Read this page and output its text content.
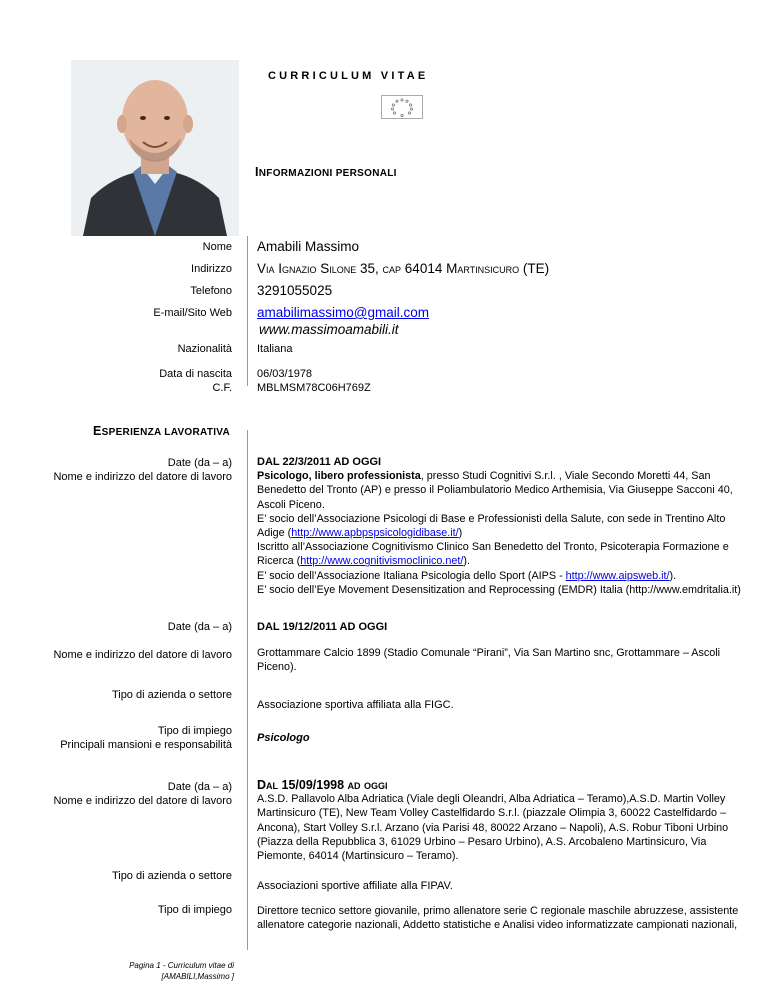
CURRICULUM VITAE
INFORMAZIONI PERSONALI
Nome Amabili Massimo
Indirizzo Via Ignazio Silone 35, cap 64014 Martinsicuro (TE)
Telefono 3291055025
E-mail/Sito Web amabilimassimo@gmail.com
www.massimoamabili.it
Nazionalità Italiana
Data di nascita 06/03/1978
C.F. MBLMSM78C06H769Z
ESPERIENZA LAVORATIVA
Date (da – a)
Nome e indirizzo del datore di lavoro
DAL 22/3/2011 AD OGGI
Psicologo, libero professionista, presso Studi Cognitivi S.r.l. , Viale Secondo Moretti 44, San
Benedetto del Tronto (AP) e presso il Poliambulatorio Medico Arthemisia, Via Giuseppe Sacconi 40,
Ascoli Piceno.
E’ socio dell’Associazione Psicologi di Base e Professionisti della Salute, con sede in Trentino Alto
Adige (http://www.apbpspsicologidibase.it/)
Iscritto all’Associazione Cognitivismo Clinico San Benedetto del Tronto, Psicoterapia Formazione e
Ricerca (http://www.cognitivismoclinico.net/).
E’ socio dell’Associazione Italiana Psicologia dello Sport (AIPS - http://www.aipsweb.it/).
E’ socio dell’Eye Movement Desensitization and Reprocessing (EMDR) Italia (http://www.emdritalia.it)
Date (da – a) DAL 19/12/2011 AD OGGI
Nome e indirizzo del datore di lavoro Grottammare Calcio 1899 (Stadio Comunale “Pirani”, Via San Martino snc, Grottammare – Ascoli
Piceno).
Tipo di azienda o settore
Associazione sportiva affiliata alla FIGC.
Tipo di impiego
Principali mansioni e responsabilità
Psicologo
Date (da – a)
Nome e indirizzo del datore di lavoro
Dal 15/09/1998 ad oggi
A.S.D. Pallavolo Alba Adriatica (Viale degli Oleandri, Alba Adriatica – Teramo),A.S.D. Martin Volley
Martinsicuro (TE), New Team Volley Castelfidardo S.r.l. (piazzale Olimpia 3, 60022 Castelfidardo –
Ancona), Start Volley S.r.l. Arzano (via Parisi 48, 80022 Arzano – Napoli), A.S. Robur Tiboni Urbino
(Piazza della Repubblica 3, 61029 Urbino – Pesaro Urbino), A.S. Arcobaleno Martinsicuro, Via
Piemonte, 64014 (Martinsicuro – Teramo).
Tipo di azienda o settore
Associazioni sportive affiliate alla FIPAV.
Tipo di impiego Direttore tecnico settore giovanile, primo allenatore serie C regionale maschile abruzzese, assistente
allenatore categorie nazionali, Addetto statistiche e Analisi video informatizzate campionati nazionali,
Pagina 1 - Curriculum vitae di
[AMABILI,Massimo ]
